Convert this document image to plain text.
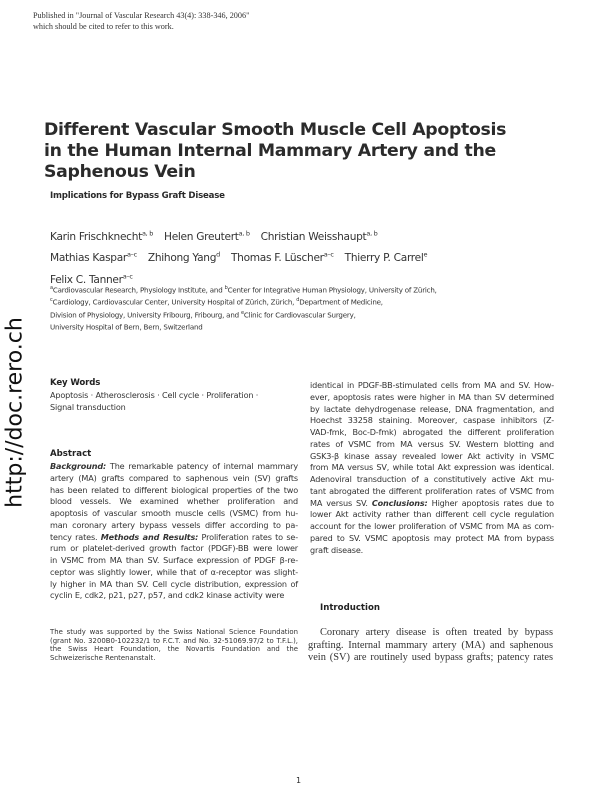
Published in "Journal of Vascular Research 43(4): 338-346, 2006"
which should be cited to refer to this work.
http://doc.rero.ch
Different Vascular Smooth Muscle Cell Apoptosis
in the Human Internal Mammary Artery and the
Saphenous Vein
Implications for Bypass Graft Disease
Karin Frischknecht$^{a, b}$ Helen Greutert$^{a, b}$ Christian Weisshaupt$^{a, b}$
Mathias Kaspar$^{a-c}$ Zhihong Yang$^d$ Thomas F. Lüscher$^{a-c}$ Thierry P. Carrel$^e$
Felix C. Tanner$^{a-c}$
$^a$Cardiovascular Research, Physiology Institute, and $^b$Center for Integrative Human Physiology, University of Zürich,
$^c$Cardiology, Cardiovascular Center, University Hospital of Zürich, Zürich, $^d$Department of Medicine,
Division of Physiology, University Fribourg, Fribourg, and $^e$Clinic for Cardiovascular Surgery,
University Hospital of Bern, Bern, Switzerland
Key Words
Apoptosis · Atherosclerosis · Cell cycle · Proliferation ·
Signal transduction
Abstract
Background: The remarkable patency of internal mammary
artery (MA) grafts compared to saphenous vein (SV) grafts
has been related to different biological properties of the two
blood vessels. We examined whether proliferation and
apoptosis of vascular smooth muscle cells (VSMC) from hu-
man coronary artery bypass vessels differ according to pa-
tency rates. Methods and Results: Proliferation rates to se-
rum or platelet-derived growth factor (PDGF)-BB were lower
in VSMC from MA than SV. Surface expression of PDGF β-re-
ceptor was slightly lower, while that of α-receptor was slight-
ly higher in MA than SV. Cell cycle distribution, expression of
cyclin E, cdk2, p21, p27, p57, and cdk2 kinase activity were
identical in PDGF-BB-stimulated cells from MA and SV. How-
ever, apoptosis rates were higher in MA than SV determined
by lactate dehydrogenase release, DNA fragmentation, and
Hoechst 33258 staining. Moreover, caspase inhibitors (Z-
VAD-fmk, Boc-D-fmk) abrogated the different proliferation
rates of VSMC from MA versus SV. Western blotting and
GSK3-β kinase assay revealed lower Akt activity in VSMC
from MA versus SV, while total Akt expression was identical.
Adenoviral transduction of a constitutively active Akt mu-
tant abrogated the different proliferation rates of VSMC from
MA versus SV. Conclusions: Higher apoptosis rates due to
lower Akt activity rather than different cell cycle regulation
account for the lower proliferation of VSMC from MA as com-
pared to SV. VSMC apoptosis may protect MA from bypass
graft disease.
The study was supported by the Swiss National Science Foundation
(grant No. 3200B0-102232/1 to F.C.T. and No. 32-51069.97/2 to T.F.L.),
the Swiss Heart Foundation, the Novartis Foundation and the
Schweizerische Rentenanstalt.
Introduction
Coronary artery disease is often treated by bypass
grafting. Internal mammary artery (MA) and saphenous
vein (SV) are routinely used bypass grafts; patency rates
1
